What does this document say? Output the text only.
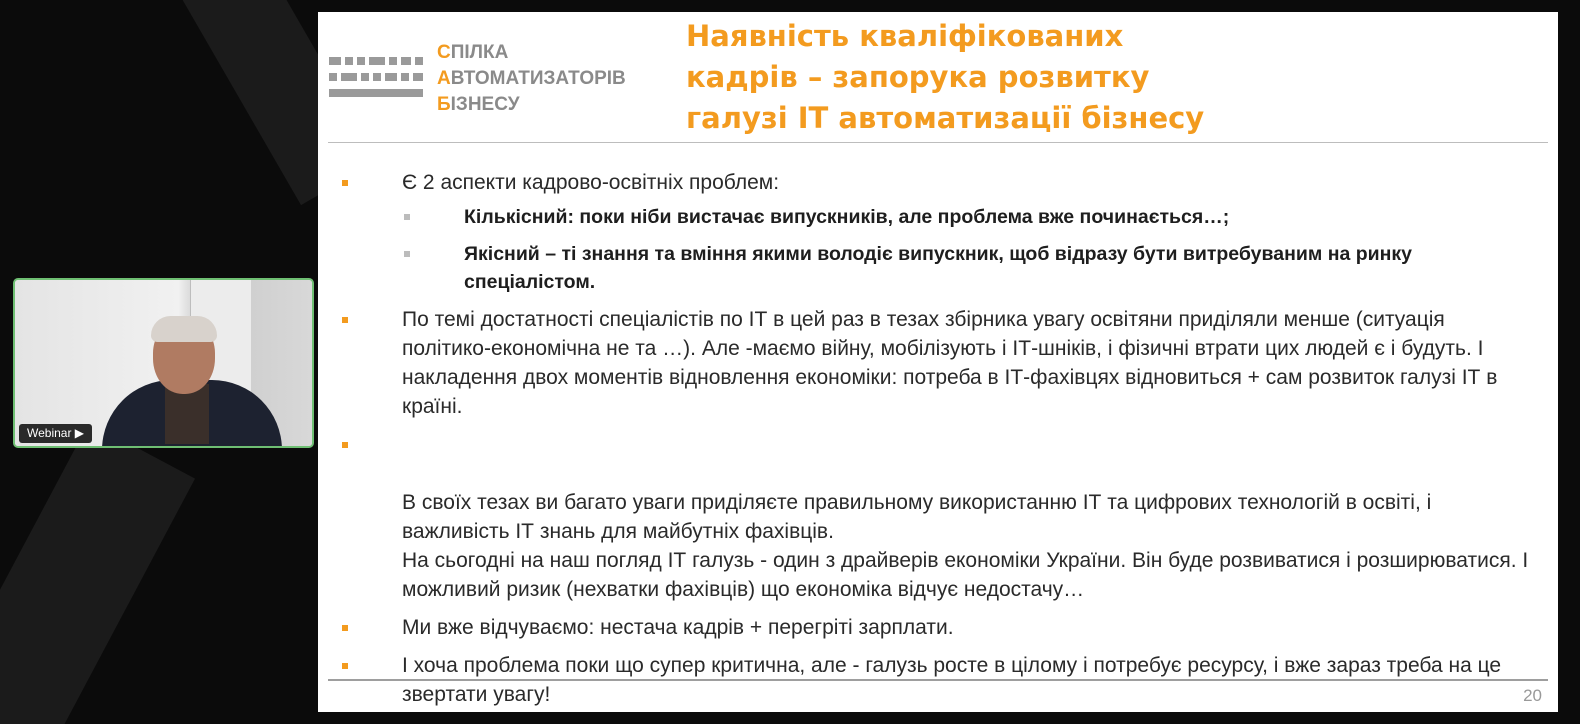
СПІЛКА
АВТОМАТИЗАТОРІВ
БІЗНЕСУ
Наявність кваліфікованих
кадрів – запорука розвитку
галузі ІТ автоматизації бізнесу
Є 2 аспекти кадрово-освітніх проблем:
Кількісний: поки ніби вистачає випускників, але проблема вже починається…;
Якісний – ті знання та вміння якими володіє випускник, щоб відразу бути витребуваним на ринку спеціалістом.
По темі достатності спеціалістів по ІТ в цей раз в тезах збірника увагу освітяни приділяли менше (ситуація політико-економічна не та …). Але -маємо війну, мобілізують і ІТ-шніків, і фізичні втрати цих людей є і будуть. І накладення двох моментів відновлення економіки: потреба в ІТ-фахівцях відновиться + сам розвиток галузі ІТ в країні.

В своїх тезах ви багато уваги приділяєте правильному використанню ІТ та цифрових технологій в освіті, і важливість ІТ знань для майбутніх фахівців.
На сьогодні на наш погляд ІТ галузь - один з драйверів економіки України. Він буде розвиватися і розширюватися. І можливий ризик (нехватки фахівців) що економіка відчує недостачу…

Ми вже відчуваємо: нестача кадрів + перегріті зарплати.
І хоча проблема поки що супер критична, але - галузь росте в цілому і потребує ресурсу, і вже зараз треба на це звертати увагу!	20
Webinar ▶
